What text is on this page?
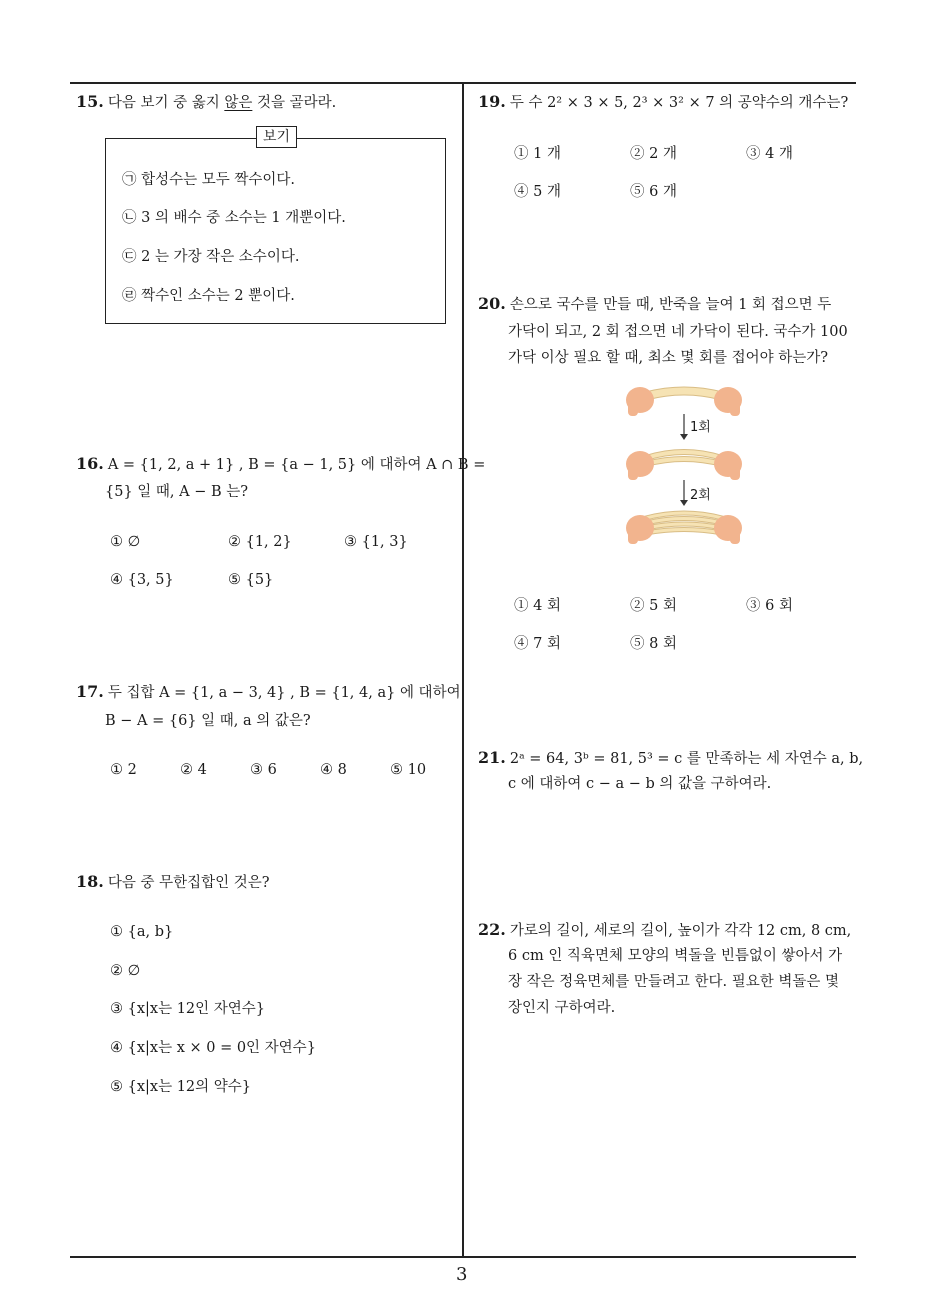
15. 다음 보기 중 옳지 않은 것을 골라라.
보기
㉠ 합성수는 모두 짝수이다.
㉡ 3 의 배수 중 소수는 1 개뿐이다.
㉢ 2 는 가장 작은 소수이다.
㉣ 짝수인 소수는 2 뿐이다.
16. A = {1, 2, a + 1} , B = {a − 1, 5} 에 대하여 A ∩ B =
{5} 일 때, A − B 는?
① ∅	② {1, 2}	③ {1, 3}
④ {3, 5}	⑤ {5}
17. 두 집합 A = {1, a − 3, 4} , B = {1, 4, a} 에 대하여
B − A = {6} 일 때, a 의 값은?
① 2	② 4	③ 6	④ 8	⑤ 10
18. 다음 중 무한집합인 것은?
① {a, b}
② ∅
③ {x|x는 12인 자연수}
④ {x|x는 x × 0 = 0인 자연수}
⑤ {x|x는 12의 약수}
19. 두 수 2² × 3 × 5, 2³ × 3² × 7 의 공약수의 개수는?
① 1 개	② 2 개	③ 4 개
④ 5 개	⑤ 6 개
20. 손으로 국수를 만들 때, 반죽을 늘여 1 회 접으면 두
가닥이 되고, 2 회 접으면 네 가닥이 된다. 국수가 100
가닥 이상 필요 할 때, 최소 몇 회를 접어야 하는가?
1회
2회
① 4 회	② 5 회	③ 6 회
④ 7 회	⑤ 8 회
21. 2ᵃ = 64, 3ᵇ = 81, 5³ = c 를 만족하는 세 자연수 a, b,
c 에 대하여 c − a − b 의 값을 구하여라.
22. 가로의 길이, 세로의 길이, 높이가 각각 12 cm, 8 cm,
6 cm 인 직육면체 모양의 벽돌을 빈틈없이 쌓아서 가
장 작은 정육면체를 만들려고 한다. 필요한 벽돌은 몇
장인지 구하여라.
3
